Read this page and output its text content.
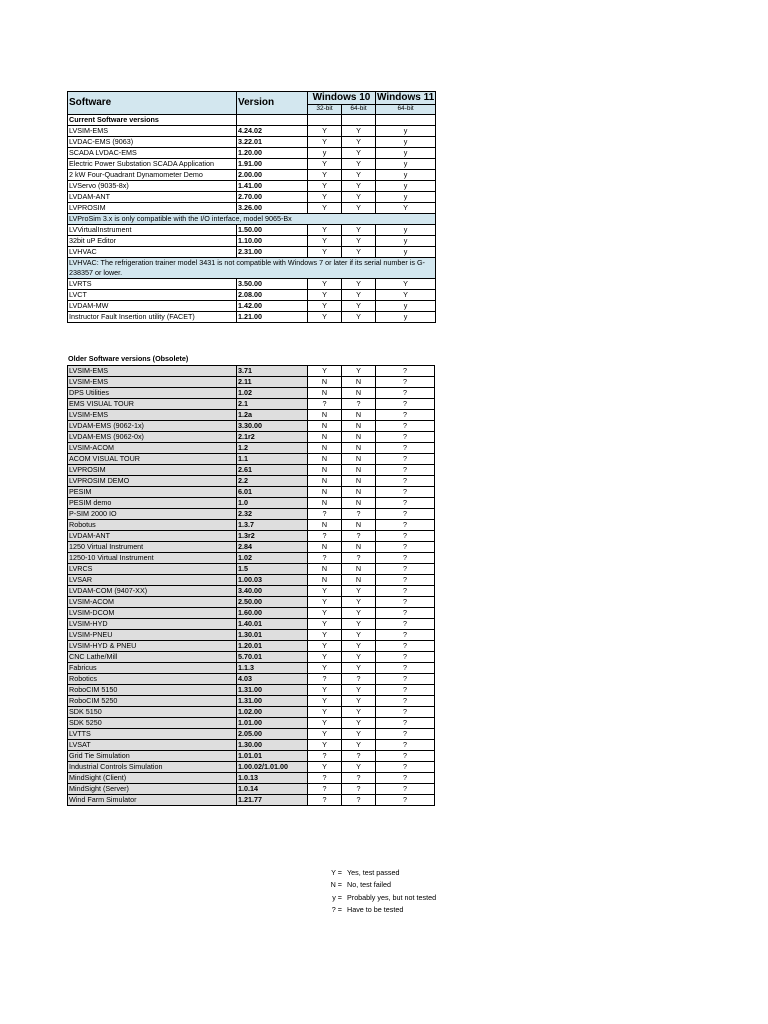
Software	Version	Windows 10		Windows 11
		32-bit	64-bit	64-bit
Current Software versions				
LVSIM-EMS	4.24.02	Y	Y	y
LVDAC-EMS (9063)	3.22.01	Y	Y	y
SCADA LVDAC-EMS	1.20.00	y	Y	y
Electric Power Substation SCADA Application	1.91.00	Y	Y	y
2 kW Four-Quadrant Dynamometer Demo	2.00.00	Y	Y	y
LVServo (9035-8x)	1.41.00	Y	Y	y
LVDAM-ANT	2.70.00	Y	Y	y
LVPROSIM	3.26.00	Y	Y	Y
LVProSim 3.x is only compatible with the I/O interface, model 9065-Bx				
LVVirtualInstrument	1.50.00	Y	Y	y
32bit uP Editor	1.10.00	Y	Y	y
LVHVAC	2.31.00	Y	Y	y
LVHVAC: The refrigeration trainer model 3431 is not compatible with Windows 7 or later if its serial number is G-238357 or lower.				
LVRTS	3.50.00	Y	Y	Y
LVCT	2.08.00	Y	Y	Y
LVDAM-MW	1.42.00	Y	Y	y
Instructor Fault Insertion utility (FACET)	1.21.00	Y	Y	y
Older Software versions (Obsolete)
LVSIM-EMS	3.71	Y	Y	?
LVSIM-EMS	2.11	N	N	?
DPS Utilities	1.02	N	N	?
EMS VISUAL TOUR	2.1	?	?	?
LVSIM-EMS	1.2a	N	N	?
LVDAM-EMS (9062-1x)	3.30.00	N	N	?
LVDAM-EMS (9062-0x)	2.1r2	N	N	?
LVSIM-ACOM	1.2	N	N	?
ACOM VISUAL TOUR	1.1	N	N	?
LVPROSIM	2.61	N	N	?
LVPROSIM DEMO	2.2	N	N	?
PESIM	6.01	N	N	?
PESIM demo	1.0	N	N	?
P-SIM 2000 IO	2.32	?	?	?
Robotus	1.3.7	N	N	?
LVDAM-ANT	1.3r2	?	?	?
1250 Virtual Instrument	2.84	N	N	?
1250-10 Virtual Instrument	1.02	?	?	?
LVRCS	1.5	N	N	?
LVSAR	1.00.03	N	N	?
LVDAM-COM (9407-XX)	3.40.00	Y	Y	?
LVSIM-ACOM	2.50.00	Y	Y	?
LVSIM-DCOM	1.60.00	Y	Y	?
LVSIM-HYD	1.40.01	Y	Y	?
LVSIM-PNEU	1.30.01	Y	Y	?
LVSIM-HYD & PNEU	1.20.01	Y	Y	?
CNC Lathe/Mill	5.70.01	Y	Y	?
Fabricus	1.1.3	Y	Y	?
Robotics	4.03	?	?	?
RoboCIM 5150	1.31.00	Y	Y	?
RoboCIM 5250	1.31.00	Y	Y	?
SDK 5150	1.02.00	Y	Y	?
SDK 5250	1.01.00	Y	Y	?
LVTTS	2.05.00	Y	Y	?
LVSAT	1.30.00	Y	Y	?
Grid Tie Simulation	1.01.01	?	?	?
Industrial Controls Simulation	1.00.02/1.01.00	Y	Y	?
MindSight (Client)	1.0.13	?	?	?
MindSight (Server)	1.0.14	?	?	?
Wind Farm Simulator	1.21.77	?	?	?
Y = Yes, test passed
N = No, test failed
y = Probably yes, but not tested
? = Have to be tested
